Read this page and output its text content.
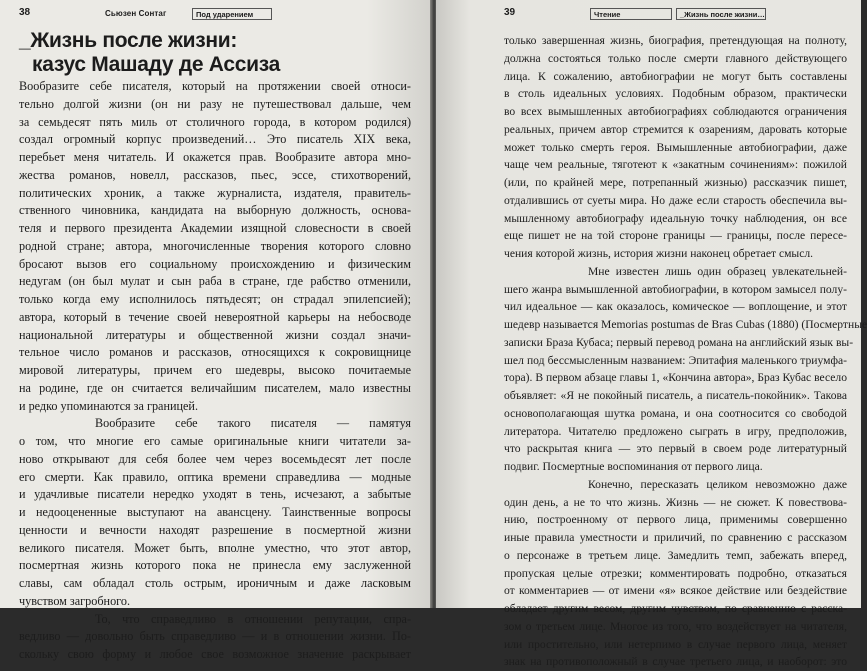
38	Сьюзен Сонтаг	Под ударением
_Жизнь после жизни:
казус Машаду де Ассиза
Вообразите себе писателя, который на протяжении своей относи-
тельно долгой жизни (он ни разу не путешествовал дальше, чем
за семьдесят пять миль от столичного города, в котором родился)
создал огромный корпус произведений… Это писатель XIX века,
перебьет меня читатель. И окажется прав. Вообразите автора мно-
жества романов, новелл, рассказов, пьес, эссе, стихотворений,
политических хроник, а также журналиста, издателя, правитель-
ственного чиновника, кандидата на выборную должность, основа-
теля и первого президента Академии изящной словесности в своей
родной стране; автора, многочисленные творения которого словно
бросают вызов его социальному происхождению и физическим
недугам (он был мулат и сын раба в стране, где рабство отменили,
только когда ему исполнилось пятьдесят; он страдал эпилепсией);
автора, который в течение своей невероятной карьеры на небосводе
национальной литературы и общественной жизни создал значи-
тельное число романов и рассказов, относящихся к сокровищнице
мировой литературы, причем его шедевры, высоко почитаемые
на родине, где он считается величайшим писателем, мало известны
и редко упоминаются за границей.
Вообразите себе такого писателя — памятуя
о том, что многие его самые оригинальные книги читатели за-
ново открывают для себя более чем через восемьдесят лет после
его смерти. Как правило, оптика времени справедлива — модные
и удачливые писатели нередко уходят в тень, исчезают, а забытые
и недооцененные выступают на авансцену. Таинственные вопросы
ценности и вечности находят разрешение в посмертной жизни
великого писателя. Может быть, вполне уместно, что этот автор,
посмертная жизнь которого пока не принесла ему заслуженной
славы, сам обладал столь острым, ироничным и даже ласковым
чувством загробного.
То, что справедливо в отношении репутации, спра-
ведливо — довольно быть справедливо — и в отношении жизни. По-
скольку свою форму и любое свое возможное значение раскрывает
39	Чтение	_Жизнь после жизни…
только завершенная жизнь, биография, претендующая на полноту,
должна состояться только после смерти главного действующего
лица. К сожалению, автобиографии не могут быть составлены
в столь идеальных условиях. Подобным образом, практически
во всех вымышленных автобиографиях соблюдаются ограничения
реальных, причем автор стремится к озарениям, даровать которые
может только смерть героя. Вымышленные автобиографии, даже
чаще чем реальные, тяготеют к «закатным сочинениям»: пожилой
(или, по крайней мере, потрепанный жизнью) рассказчик пишет,
отдалившись от суеты мира. Но даже если старость обеспечила вы-
мышленному автобиографу идеальную точку наблюдения, он все
еще пишет не на той стороне границы — границы, после пересе-
чения которой жизнь, история жизни наконец обретает смысл.
Мне известен лишь один образец увлекательней-
шего жанра вымышленной автобиографии, в котором замысел полу-
чил идеальное — как оказалось, комическое — воплощение, и этот
шедевр называется Memorias postumas de Bras Cubas (1880) (Посмертные
записки Браза Кубаса; первый перевод романа на английский язык вы-
шел под бессмысленным названием: Эпитафия маленького триумфа-
тора). В первом абзаце главы 1, «Кончина автора», Браз Кубас весело
объявляет: «Я не покойный писатель, а писатель-покойник». Такова
основополагающая шутка романа, и она соотносится со свободой
литератора. Читателю предложено сыграть в игру, предположив,
что раскрытая книга — это первый в своем роде литературный
подвиг. Посмертные воспоминания от первого лица.
Конечно, пересказать целиком невозможно даже
один день, а не то что жизнь. Жизнь — не сюжет. К повествова-
нию, построенному от первого лица, применимы совершенно
иные правила уместности и приличий, по сравнению с рассказом
о персонаже в третьем лице. Замедлить темп, забежать вперед,
пропуская целые отрезки; комментировать подробно, отказаться
от комментариев — от имени «я» всякое действие или бездействие
обладает другим весом, другим чувством, по сравнению с расска-
зом о третьем лице. Многое из того, что воздействует на читателя,
или простительно, или нетерпимо в случае первого лица, меняет
знак на противоположный в случае третьего лица, и наоборот: это
